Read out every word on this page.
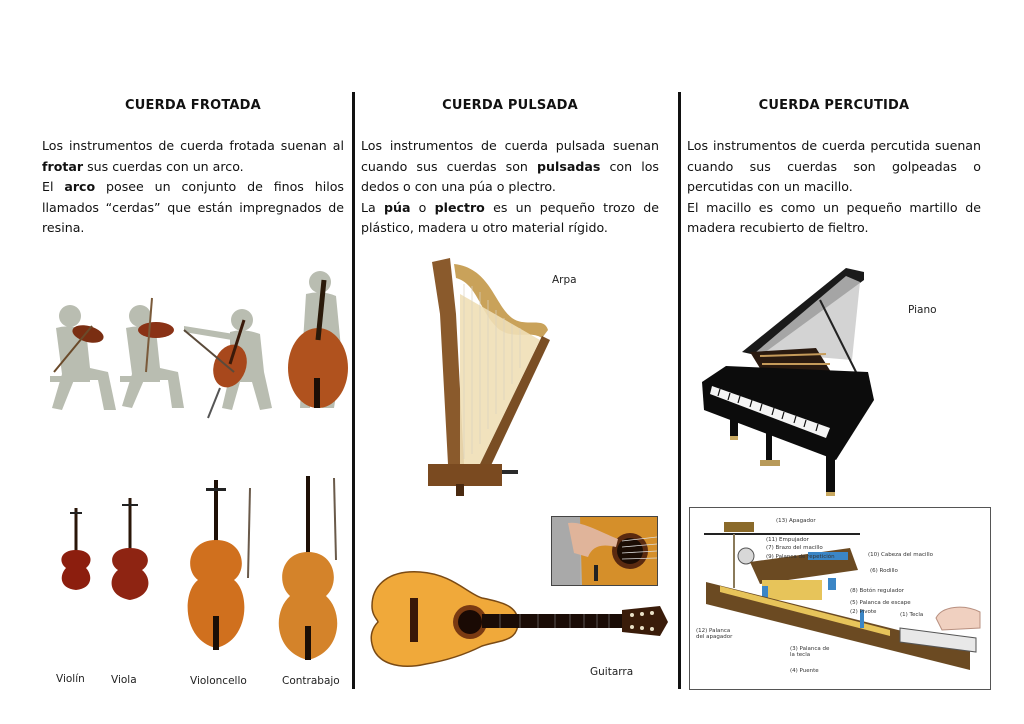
CUERDA FROTADA

Los instrumentos de cuerda frotada suenan al frotar sus cuerdas con un arco.

El arco posee un conjunto de finos hilos llamados “cerdas” que están impregnados de resina.

Violín Viola	Violoncello	Contrabajo
CUERDA PULSADA

Los instrumentos de cuerda pulsada suenan cuando sus cuerdas son pulsadas con los dedos o con una púa o plectro.

La púa o plectro es un pequeño trozo de plástico, madera u otro material rígido.

Arpa
Guitarra
CUERDA PERCUTIDA

Los instrumentos de cuerda percutida suenan cuando sus cuerdas son golpeadas o percutidas con un macillo.

El macillo es como un pequeño martillo de madera recubierto de fieltro.

Piano
(13) Apagador
(11) Empujador
(7) Brazo del macillo
(9) Palanca de repetición	(10) Cabeza del macillo
(6) Rodillo
(8) Botón regulador
(5) Palanca de escape
(2) Pivote	(1) Tecla
(12) Palanca del apagador
(3) Palanca de la tecla
(4) Puente
